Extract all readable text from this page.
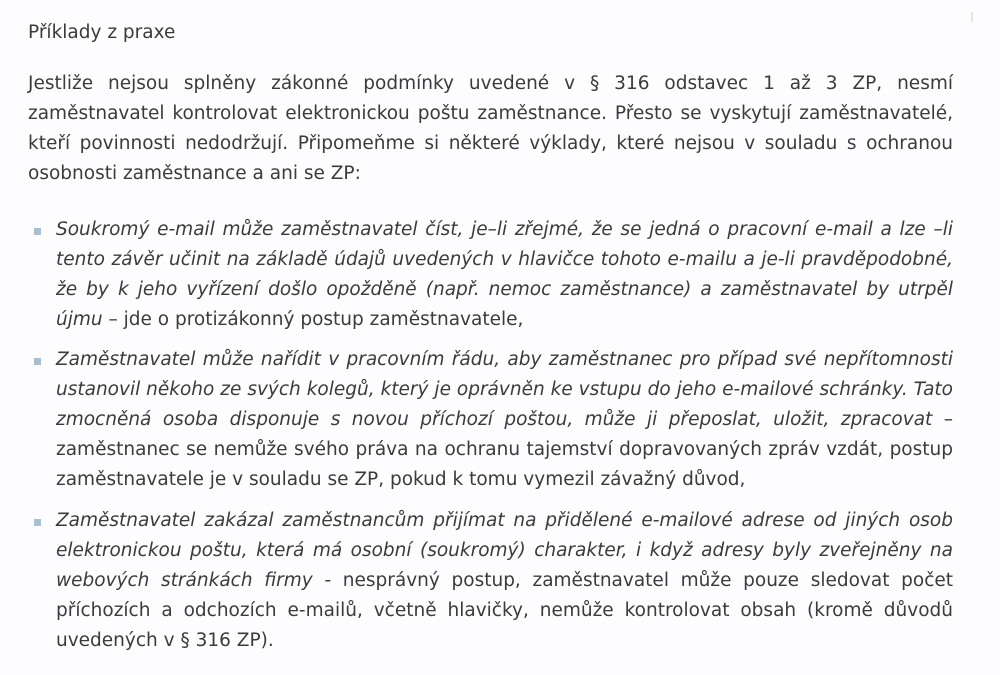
Příklady z praxe

Jestliže nejsou splněny zákonné podmínky uvedené v § 316 odstavec 1 až 3 ZP, nesmí zaměstnavatel kontrolovat elektronickou poštu zaměstnance. Přesto se vyskytují zaměstnavatelé, kteří povinnosti nedodržují. Připomeňme si některé výklady, které nejsou v souladu s ochranou osobnosti zaměstnance a ani se ZP:

Soukromý e-mail může zaměstnavatel číst, je–li zřejmé, že se jedná o pracovní e-mail a lze –li tento závěr učinit na základě údajů uvedených v hlavičce tohoto e-mailu a je-li pravděpodobné, že by k jeho vyřízení došlo opožděně (např. nemoc zaměstnance) a zaměstnavatel by utrpěl újmu – jde o protizákonný postup zaměstnavatele,
Zaměstnavatel může nařídit v pracovním řádu, aby zaměstnanec pro případ své nepřítomnosti ustanovil někoho ze svých kolegů, který je oprávněn ke vstupu do jeho e-mailové schránky. Tato zmocněná osoba disponuje s novou příchozí poštou, může ji přeposlat, uložit, zpracovat – zaměstnanec se nemůže svého práva na ochranu tajemství dopravovaných zpráv vzdát, postup zaměstnavatele je v souladu se ZP, pokud k tomu vymezil závažný důvod,
Zaměstnavatel zakázal zaměstnancům přijímat na přidělené e-mailové adrese od jiných osob elektronickou poštu, která má osobní (soukromý) charakter, i když adresy byly zveřejněny na webových stránkách firmy - nesprávný postup, zaměstnavatel může pouze sledovat počet příchozích a odchozích e-mailů, včetně hlavičky, nemůže kontrolovat obsah (kromě důvodů uvedených v § 316 ZP).
